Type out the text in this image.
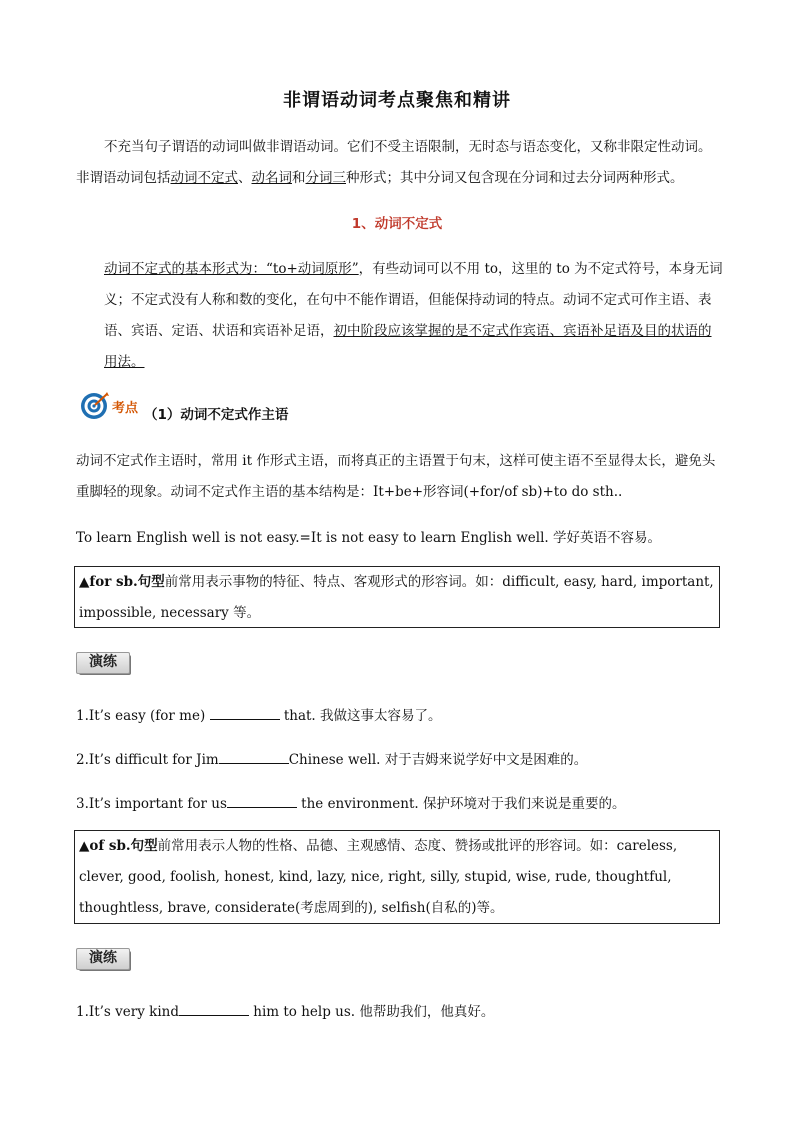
非谓语动词考点聚焦和精讲
不充当句子谓语的动词叫做非谓语动词。它们不受主语限制，无时态与语态变化，又称非限定性动词。
非谓语动词包括动词不定式、动名词和分词三种形式；其中分词又包含现在分词和过去分词两种形式。
1、动词不定式
动词不定式的基本形式为：“to+动词原形”，有些动词可以不用 to，这里的 to 为不定式符号，本身无词义；不定式没有人称和数的变化，在句中不能作谓语，但能保持动词的特点。动词不定式可作主语、表语、宾语、定语、状语和宾语补足语，初中阶段应该掌握的是不定式作宾语、宾语补足语及目的状语的用法。
考点 （1）动词不定式作主语
动词不定式作主语时，常用 it 作形式主语，而将真正的主语置于句末，这样可使主语不至显得太长，避免头重脚轻的现象。动词不定式作主语的基本结构是：It+be+形容词(+for/of sb)+to do sth..
To learn English well is not easy.=It is not easy to learn English well. 学好英语不容易。
▲for sb.句型前常用表示事物的特征、特点、客观形式的形容词。如：difficult, easy, hard, important, impossible, necessary 等。
演练
1.It’s easy (for me)	that. 我做这事太容易了。
2.It’s difficult for Jim	Chinese well. 对于吉姆来说学好中文是困难的。
3.It’s important for us	the environment. 保护环境对于我们来说是重要的。
▲of sb.句型前常用表示人物的性格、品德、主观感情、态度、赞扬或批评的形容词。如：careless, clever, good, foolish, honest, kind, lazy, nice, right, silly, stupid, wise, rude, thoughtful, thoughtless, brave, considerate(考虑周到的), selfish(自私的)等。
演练
1.It’s very kind	him to help us. 他帮助我们，他真好。
